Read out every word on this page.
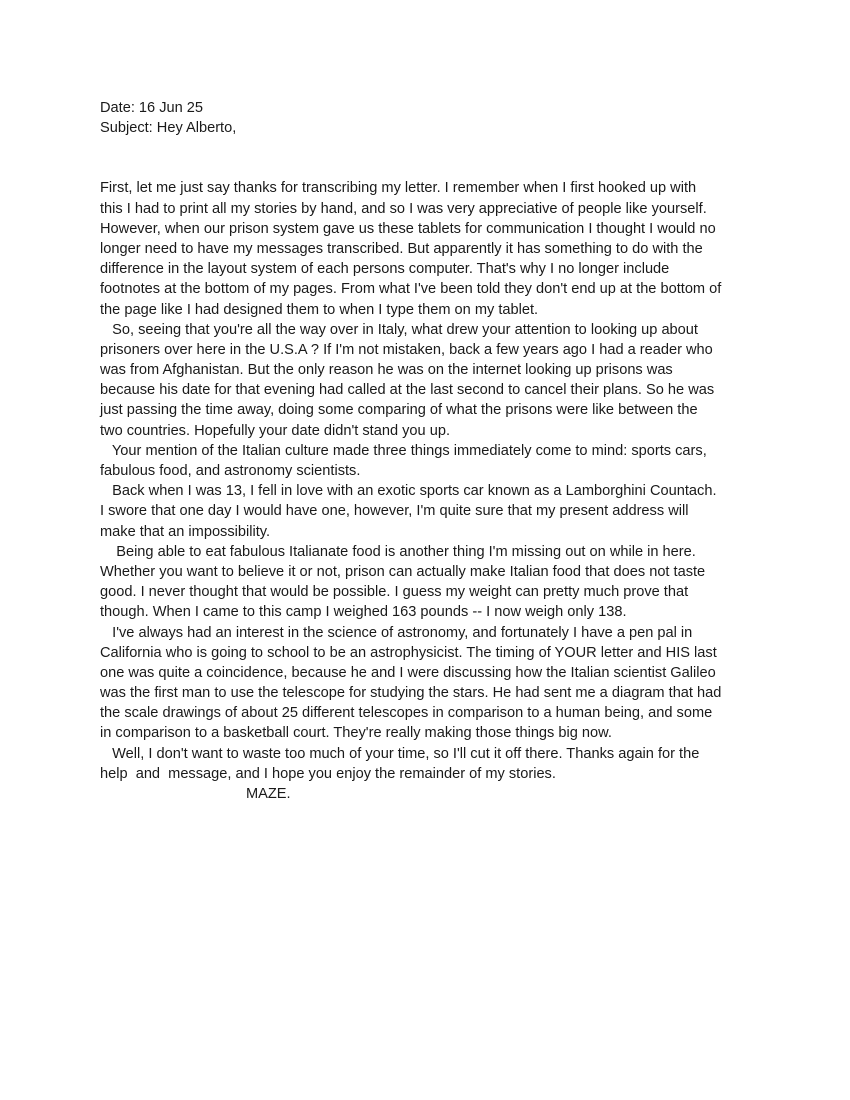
Date: 16 Jun 25
Subject: Hey Alberto,
First, let me just say thanks for transcribing my letter. I remember when I first hooked up with
this I had to print all my stories by hand, and so I was very appreciative of people like yourself.
However, when our prison system gave us these tablets for communication I thought I would no
longer need to have my messages transcribed. But apparently it has something to do with the
difference in the layout system of each persons computer. That's why I no longer include
footnotes at the bottom of my pages. From what I've been told they don't end up at the bottom of
the page like I had designed them to when I type them on my tablet.
So, seeing that you're all the way over in Italy, what drew your attention to looking up about
prisoners over here in the U.S.A ? If I'm not mistaken, back a few years ago I had a reader who
was from Afghanistan. But the only reason he was on the internet looking up prisons was
because his date for that evening had called at the last second to cancel their plans. So he was
just passing the time away, doing some comparing of what the prisons were like between the
two countries. Hopefully your date didn't stand you up.
Your mention of the Italian culture made three things immediately come to mind: sports cars,
fabulous food, and astronomy scientists.
Back when I was 13, I fell in love with an exotic sports car known as a Lamborghini Countach.
I swore that one day I would have one, however, I'm quite sure that my present address will
make that an impossibility.
Being able to eat fabulous Italianate food is another thing I'm missing out on while in here.
Whether you want to believe it or not, prison can actually make Italian food that does not taste
good. I never thought that would be possible. I guess my weight can pretty much prove that
though. When I came to this camp I weighed 163 pounds -- I now weigh only 138.
I've always had an interest in the science of astronomy, and fortunately I have a pen pal in
California who is going to school to be an astrophysicist. The timing of YOUR letter and HIS last
one was quite a coincidence, because he and I were discussing how the Italian scientist Galileo
was the first man to use the telescope for studying the stars. He had sent me a diagram that had
the scale drawings of about 25 different telescopes in comparison to a human being, and some
in comparison to a basketball court. They're really making those things big now.
Well, I don't want to waste too much of your time, so I'll cut it off there. Thanks again for the
help  and  message, and I hope you enjoy the remainder of my stories.
MAZE.
